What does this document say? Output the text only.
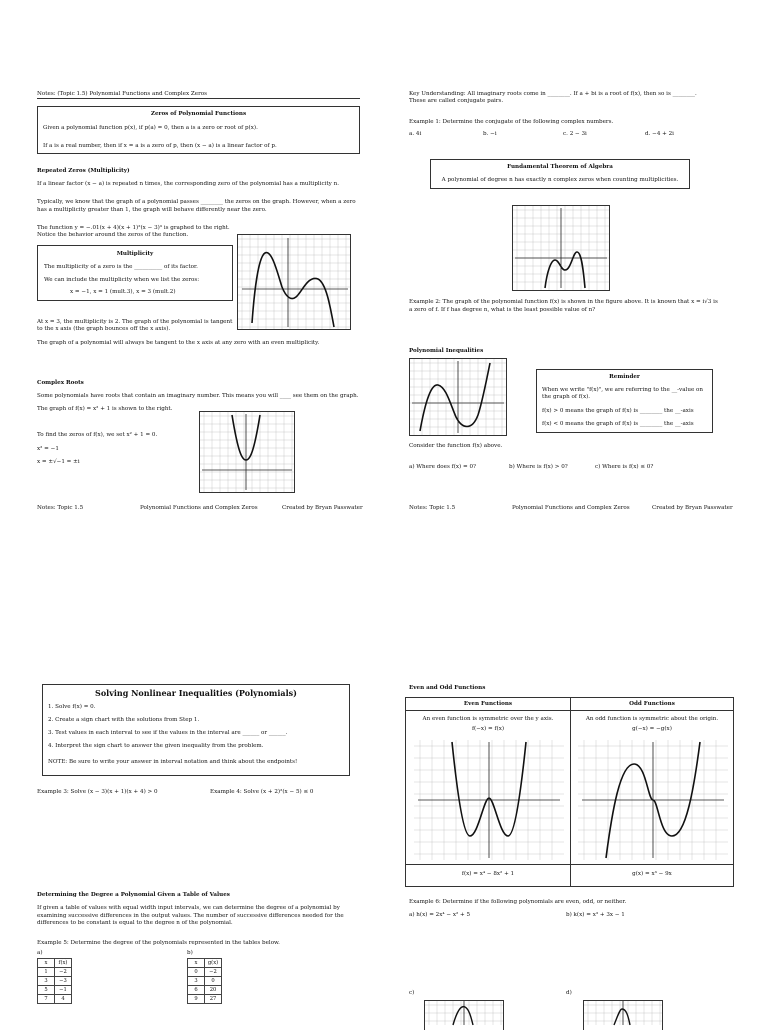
Notes: (Topic 1.5) Polynomial Functions and Complex Zeros
Zeros of Polynomial Functions
Given a polynomial function p(x), if p(a) = 0, then a is a zero or root of p(x).
If a is a real number, then if x = a is a zero of p, then (x − a) is a linear factor of p.
Repeated Zeros (Multiplicity)
If a linear factor (x − a) is repeated n times, the corresponding zero of the polynomial has a multiplicity n.
Typically, we know that the graph of a polynomial passes ________ the zeros on the graph. However, when a zero has a multiplicity greater than 1, the graph will behave differently near the zero.
The function y = −.01(x + 4)(x + 1)²(x − 3)³ is graphed to the right.
Notice the behavior around the zeros of the function.
Multiplicity
The multiplicity of a zero is the __________ of its factor.
We can include the multiplicity when we list the zeros:
x = −1, x = 1 (mult.3), x = 3 (mult.2)
At x = 3, the multiplicity is 2. The graph of the polynomial is tangent
to the x axis (the graph bounces off the x axis).
The graph of a polynomial will always be tangent to the x axis at any zero with an even multiplicity.
Complex Roots
Some polynomials have roots that contain an imaginary number. This means you will ____ see them on the graph.
The graph of f(x) = x² + 1 is shown to the right.
To find the zeros of f(x), we set x² + 1 = 0.
x² = −1
x = ±√−1 = ±i
Notes: Topic 1.5	Polynomial Functions and Complex Zeros	Created by Bryan Passwater
Key Understanding: All imaginary roots come in ________. If a + bi is a root of f(x), then so is ________.
These are called conjugate pairs.
Example 1: Determine the conjugate of the following complex numbers.
a. 4i	b. −i	c. 2 − 3i	d. −4 + 2i
Fundamental Theorem of Algebra
A polynomial of degree n has exactly n complex zeros when counting multiplicities.
Example 2: The graph of the polynomial function f(x) is shown in the figure above. It is known that x = i√3 is
a zero of f. If f has degree n, what is the least possible value of n?
Polynomial Inequalities
Reminder
When we write "f(x)", we are referring to the __-value on
the graph of f(x).
f(x) > 0 means the graph of f(x) is ________ the __-axis
f(x) < 0 means the graph of f(x) is ________ the __-axis
Consider the function f(x) above.
a) Where does f(x) = 0?	b) Where is f(x) > 0?	c) Where is f(x) ≤ 0?
Notes: Topic 1.5	Polynomial Functions and Complex Zeros	Created by Bryan Passwater
Solving Nonlinear Inequalities (Polynomials)
1. Solve f(x) = 0.
2. Create a sign chart with the solutions from Step 1.
3. Test values in each interval to see if the values in the interval are ______ or ______.
4. Interpret the sign chart to answer the given inequality from the problem.
NOTE: Be sure to write your answer in interval notation and think about the endpoints!
Example 3: Solve (x − 3)(x + 1)(x + 4) > 0	Example 4: Solve (x + 2)²(x − 5) ≤ 0
Determining the Degree a Polynomial Given a Table of Values
If given a table of values with equal width input intervals, we can determine the degree of a polynomial by examining successive differences in the output values. The number of successive differences needed for the differences to be constant is equal to the degree n of the polynomial.
Example 5: Determine the degree of the polynomials represented in the tables below.
a)	b)
x	f(x)
1	−2
3	−3
5	−1
7	4
x	g(x)
0	−2
3	0
6	20
9	27
Even and Odd Functions
Even Functions	Odd Functions
An even function is symmetric over the y axis.
f(−x) = f(x)
An odd function is symmetric about the origin.
g(−x) = −g(x)
f(x) = x⁴ − 8x² + 1	g(x) = x³ − 9x
Example 6: Determine if the following polynomials are even, odd, or neither.
a) h(x) = 2x⁴ − x² + 5	b) k(x) = x³ + 3x − 1
c)	d)
